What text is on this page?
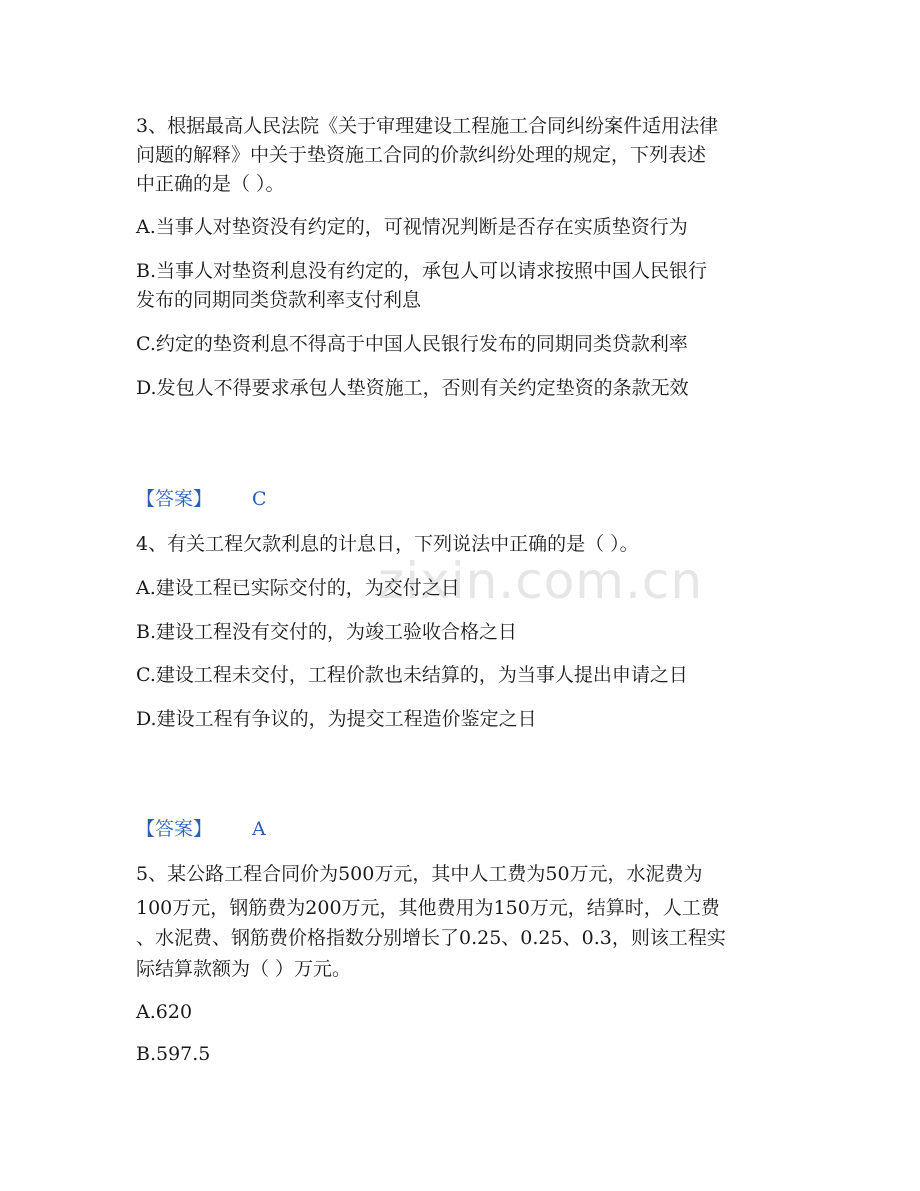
zixin.com.cn
3、根据最高人民法院《关于审理建设工程施工合同纠纷案件适用法律
问题的解释》中关于垫资施工合同的价款纠纷处理的规定，下列表述
中正确的是（ ）。
A.当事人对垫资没有约定的，可视情况判断是否存在实质垫资行为
B.当事人对垫资利息没有约定的，承包人可以请求按照中国人民银行
发布的同期同类贷款利率支付利息
C.约定的垫资利息不得高于中国人民银行发布的同期同类贷款利率
D.发包人不得要求承包人垫资施工，否则有关约定垫资的条款无效
【答案】 C
4、有关工程欠款利息的计息日，下列说法中正确的是（ ）。
A.建设工程已实际交付的，为交付之日
B.建设工程没有交付的，为竣工验收合格之日
C.建设工程未交付，工程价款也未结算的，为当事人提出申请之日
D.建设工程有争议的，为提交工程造价鉴定之日
【答案】 A
5、某公路工程合同价为500万元，其中人工费为50万元，水泥费为
100万元，钢筋费为200万元，其他费用为150万元，结算时，人工费
、水泥费、钢筋费价格指数分别增长了0.25、0.25、0.3，则该工程实
际结算款额为（ ）万元。
A.620
B.597.5
